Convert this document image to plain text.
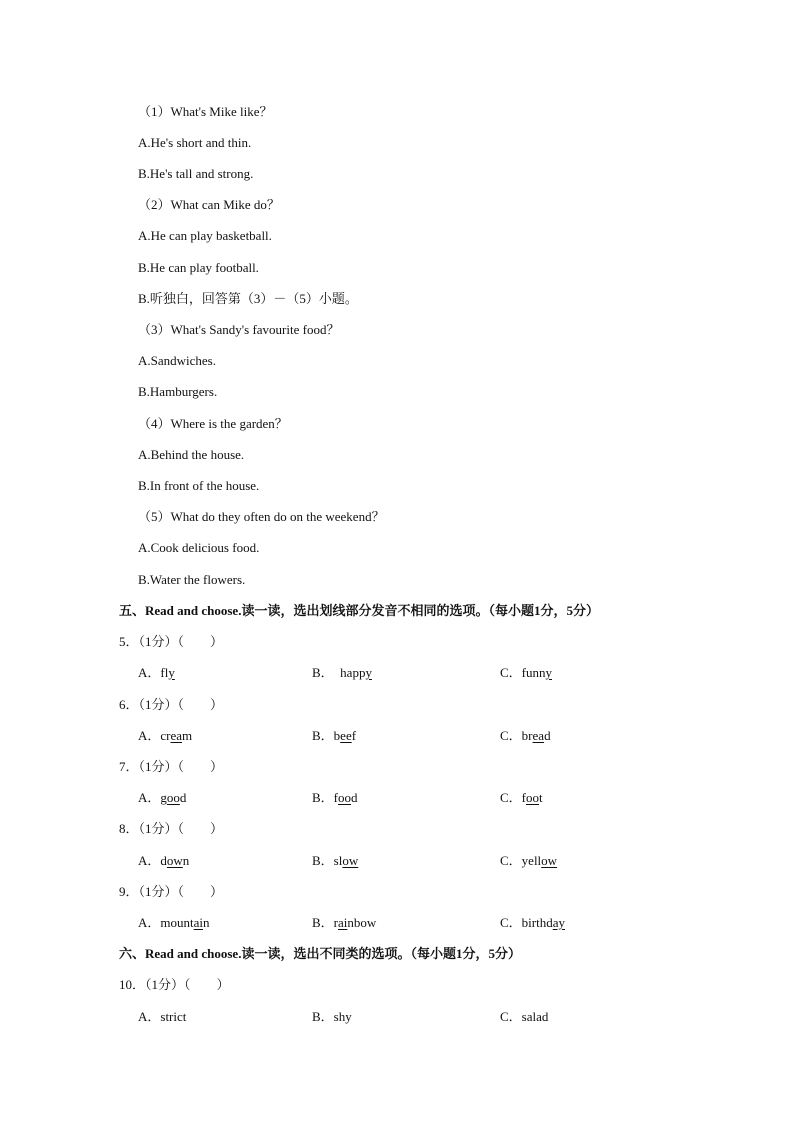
（1）What's Mike like？
A.He's short and thin.
B.He's tall and strong.
（2）What can Mike do？
A.He can play basketball.
B.He can play football.
B.听独白，回答第（3）－（5）小题。
（3）What's Sandy's favourite food？
A.Sandwiches.
B.Hamburgers.
（4）Where is the garden？
A.Behind the house.
B.In front of the house.
（5）What do they often do on the weekend？
A.Cook delicious food.
B.Water the flowers.
五、Read and choose.读一读，选出划线部分发音不相同的选项。（每小题1分，5分）
5．（1分）（　　）
A．fly	B．  happy	C．funny
6．（1分）（　　）
A．cream	B．beef	C．bread
7．（1分）（　　）
A．good	B．food	C．foot
8．（1分）（　　）
A．down	B．slow	C．yellow
9．（1分）（　　）
A．mountain	B．rainbow	C．birthday
六、Read and choose.读一读，选出不同类的选项。（每小题1分，5分）
10．（1分）（　　）
A．strict	B．shy	C．salad
